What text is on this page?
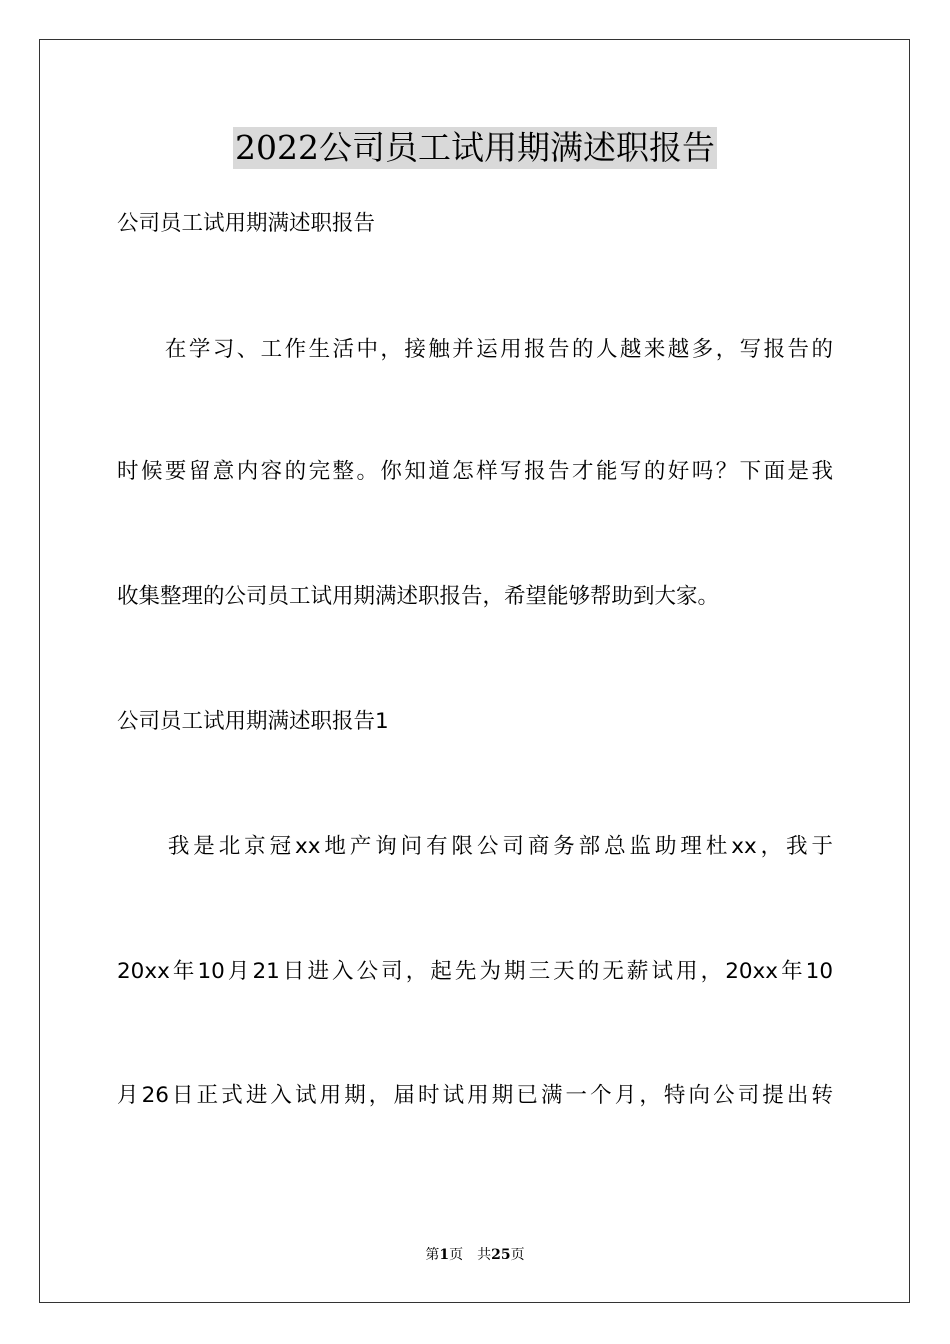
2022公司员工试用期满述职报告
公司员工试用期满述职报告
　　在学习、工作生活中，接触并运用报告的人越来越多，写报告的
时候要留意内容的完整。你知道怎样写报告才能写的好吗？下面是我
收集整理的公司员工试用期满述职报告，希望能够帮助到大家。
公司员工试用期满述职报告1
　　我是北京冠xx地产询问有限公司商务部总监助理杜xx，我于
20xx年10月21日进入公司，起先为期三天的无薪试用，20xx年10
月26日正式进入试用期，届时试用期已满一个月，特向公司提出转
第1页　共25页
